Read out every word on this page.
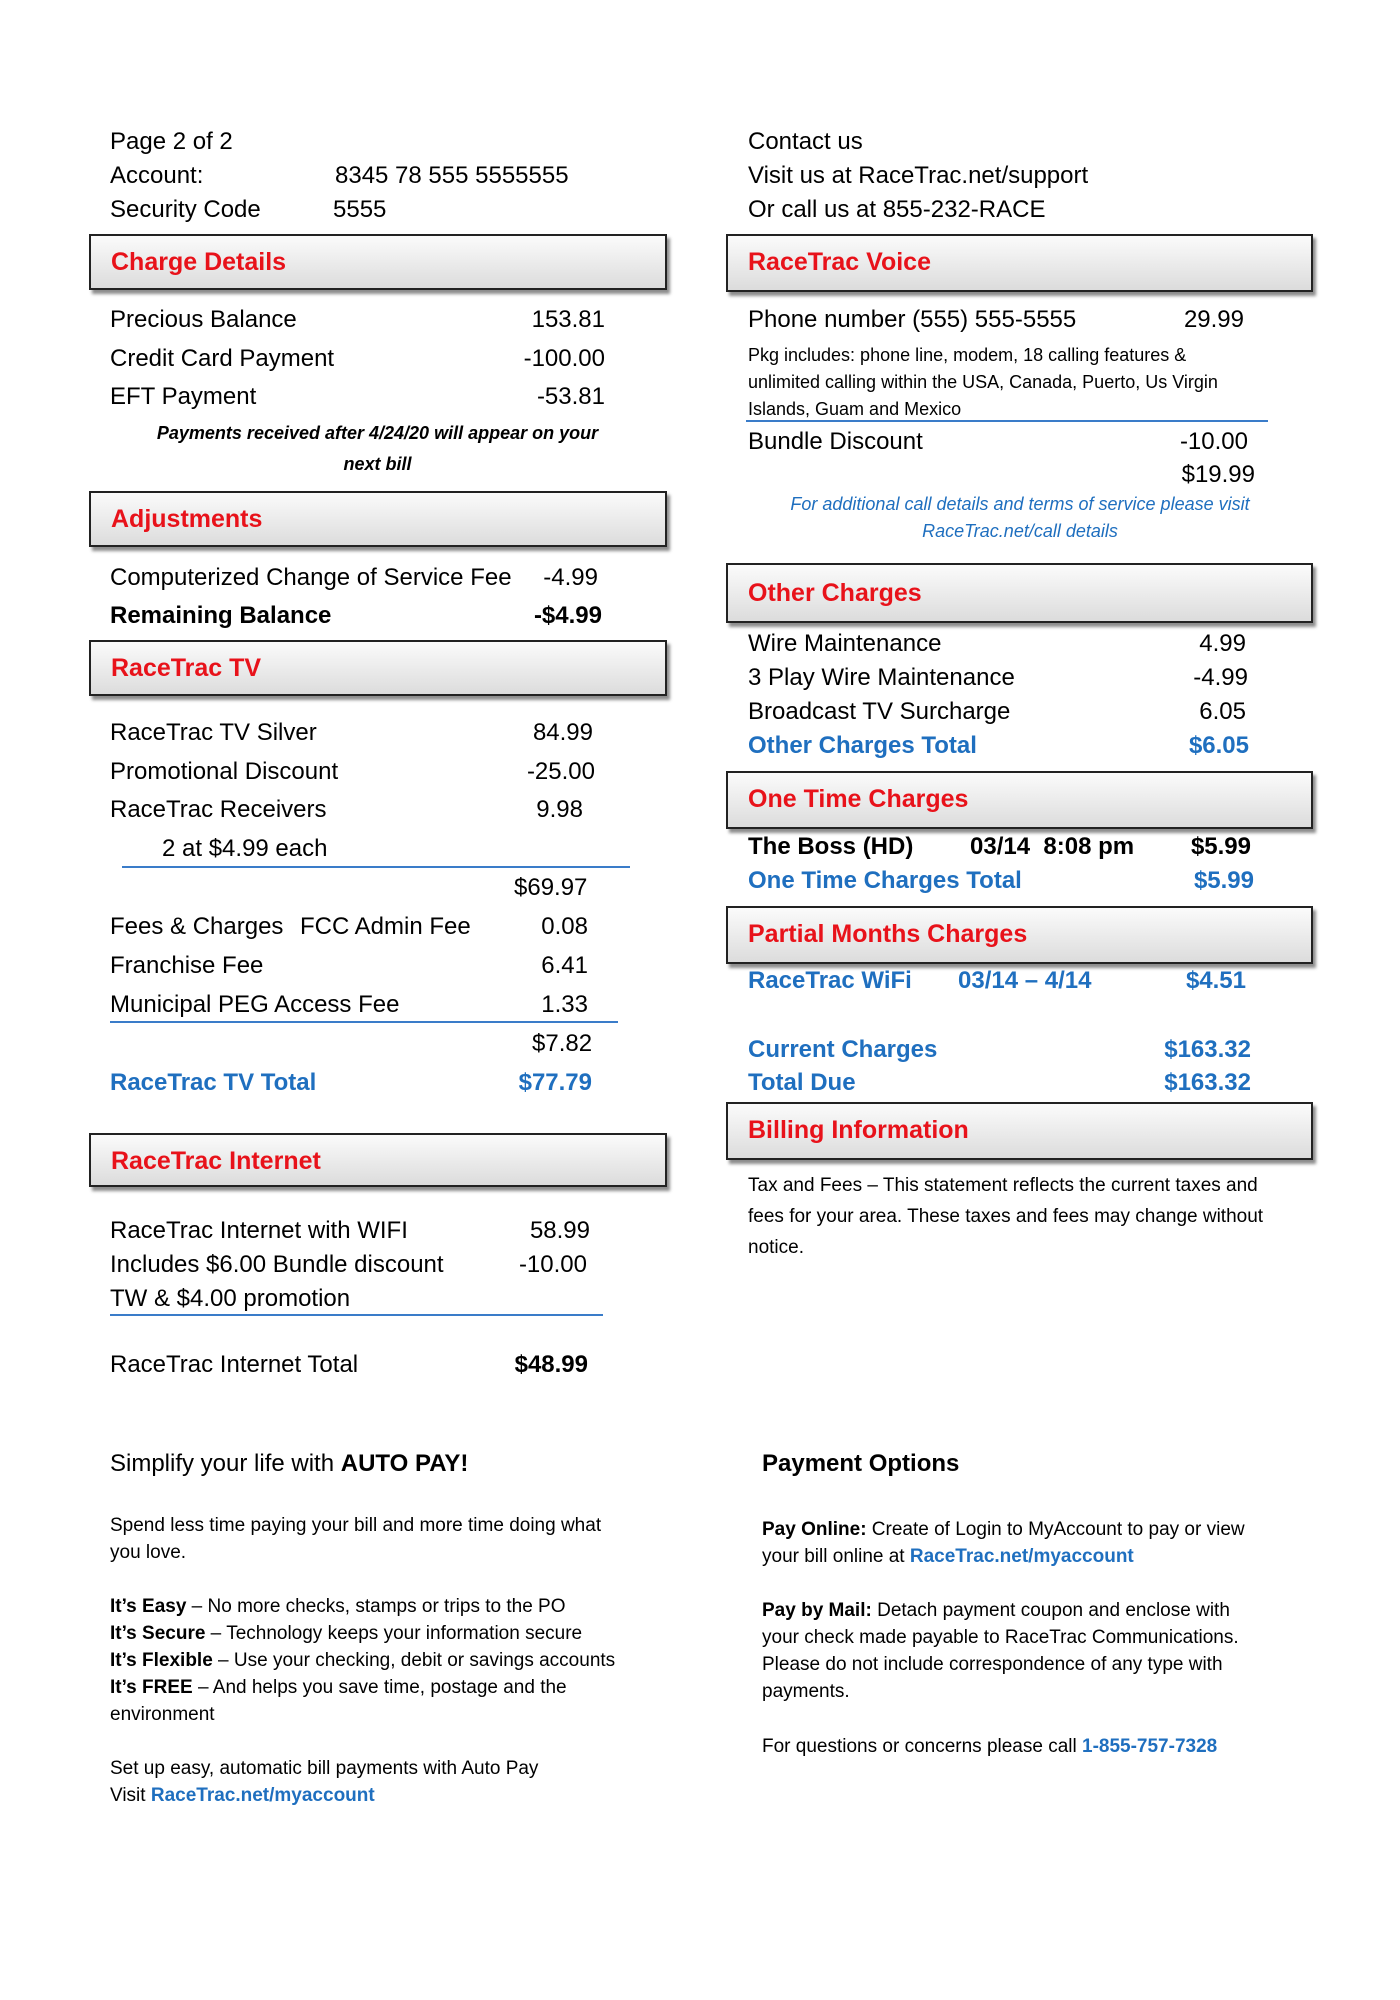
Page 2 of 2
Account:	8345 78 555 5555555
Security Code	5555
Contact us
Visit us at RaceTrac.net/support
Or call us at 855-232-RACE
Charge Details
Precious Balance	153.81
Credit Card Payment	-100.00
EFT Payment	-53.81
Payments received after 4/24/20 will appear on your
next bill
Adjustments
Computerized Change of Service Fee	-4.99
Remaining Balance	-$4.99
RaceTrac TV
RaceTrac TV Silver	84.99
Promotional Discount	-25.00
RaceTrac Receivers	9.98
2 at $4.99 each
$69.97
Fees & Charges FCC Admin Fee	0.08
Franchise Fee	6.41
Municipal PEG Access Fee	1.33
$7.82
RaceTrac TV Total	$77.79
RaceTrac Internet
RaceTrac Internet with WIFI	58.99
Includes $6.00 Bundle discount	-10.00
TW & $4.00 promotion
RaceTrac Internet Total	$48.99
RaceTrac Voice
Phone number (555) 555-5555	29.99
Pkg includes: phone line, modem, 18 calling features &
unlimited calling within the USA, Canada, Puerto, Us Virgin
Islands, Guam and Mexico
Bundle Discount	-10.00
$19.99
For additional call details and terms of service please visit
RaceTrac.net/call details
Other Charges
Wire Maintenance	4.99
3 Play Wire Maintenance	-4.99
Broadcast TV Surcharge	6.05
Other Charges Total	$6.05
One Time Charges
The Boss (HD) 03/14  8:08 pm	$5.99
One Time Charges Total	$5.99
Partial Months Charges
RaceTrac WiFi 03/14 – 4/14	$4.51
Current Charges	$163.32
Total Due	$163.32
Billing Information
Tax and Fees – This statement reflects the current taxes and
fees for your area. These taxes and fees may change without
notice.
Simplify your life with AUTO PAY!
Spend less time paying your bill and more time doing what
you love.
It’s Easy – No more checks, stamps or trips to the PO
It’s Secure – Technology keeps your information secure
It’s Flexible – Use your checking, debit or savings accounts
It’s FREE – And helps you save time, postage and the
environment
Set up easy, automatic bill payments with Auto Pay
Visit RaceTrac.net/myaccount
Payment Options
Pay Online: Create of Login to MyAccount to pay or view
your bill online at RaceTrac.net/myaccount
Pay by Mail: Detach payment coupon and enclose with
your check made payable to RaceTrac Communications.
Please do not include correspondence of any type with
payments.
For questions or concerns please call 1-855-757-7328
